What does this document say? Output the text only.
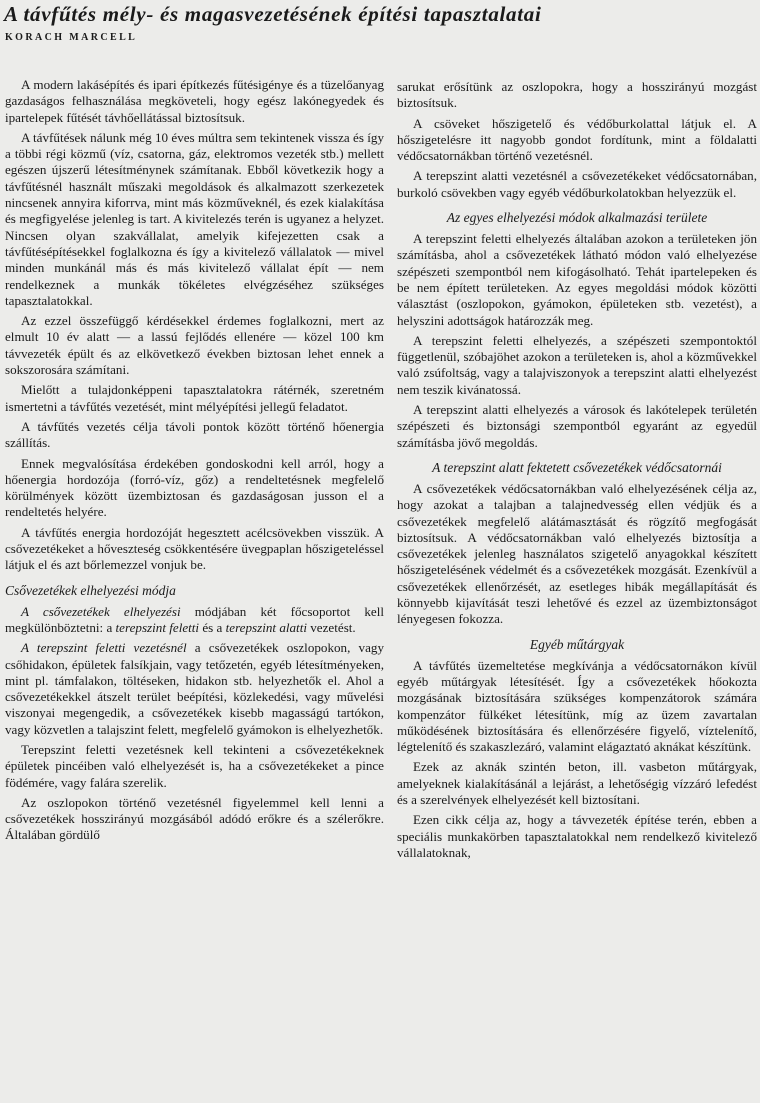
A távfűtés mély- és magasvezetésének építési tapasztalatai
KORACH MARCELL

A modern lakásépítés és ipari építkezés fűtésigénye és a tüzelőanyag gazdaságos felhasználása megköveteli, hogy egész lakónegyedek és ipartelepek fűtését távhőellátással biztosítsuk.

A távfűtések nálunk még 10 éves múltra sem tekintenek vissza és így a többi régi közmű (víz, csatorna, gáz, elektromos vezeték stb.) mellett egészen újszerű létesítménynek számítanak. Ebből következik hogy a távfűtésnél használt műszaki megoldások és alkalmazott szerkezetek nincsenek annyira kiforrva, mint más közműveknél, és ezek kialakítása és megfigyelése jelenleg is tart. A kivitelezés terén is ugyanez a helyzet. Nincsen olyan szakvállalat, amelyik kifejezetten csak a távfűtésépítésekkel foglalkozna és így a kivitelező vállalatok — mivel minden munkánál más és más kivitelező vállalat épít — nem rendelkeznek a munkák tökéletes elvégzéséhez szükséges tapasztalatokkal.

Az ezzel összefüggő kérdésekkel érdemes foglalkozni, mert az elmult 10 év alatt — a lassú fejlődés ellenére — közel 100 km távvezeték épült és az elkövetkező években biztosan lehet ennek a sokszorosára számítani.

Mielőtt a tulajdonképpeni tapasztalatokra rátérnék, szeretném ismertetni a távfűtés vezetését, mint mélyépítési jellegű feladatot.

A távfűtés vezetés célja távoli pontok között történő hőenergia szállítás.

Ennek megvalósítása érdekében gondoskodni kell arról, hogy a hőenergia hordozója (forró-víz, gőz) a rendeltetésnek megfelelő körülmények között üzembiztosan és gazdaságosan jusson el a rendeltetés helyére.

A távfűtés energia hordozóját hegesztett acélcsövekben visszük. A csővezetékeket a hőveszteség csökkentésére üvegpaplan hőszigeteléssel látjuk el és azt bőrlemezzel vonjuk be.

Csővezetékek elhelyezési módja

A csővezetékek elhelyezési módjában két főcsoportot kell megkülönböztetni: a terepszint feletti és a terepszint alatti vezetést.

A terepszint feletti vezetésnél a csővezetékek oszlopokon, vagy csőhidakon, épületek falsíkjain, vagy tetőzetén, egyéb létesítményeken, mint pl. támfalakon, töltéseken, hidakon stb. helyezhetők el. Ahol a csővezetékekkel átszelt terület beépítési, közlekedési, vagy művelési viszonyai megengedik, a csővezetékek kisebb magasságú tartókon, vagy közvetlen a talajszint felett, megfelelő gyámokon is elhelyezhetők.

Terepszint feletti vezetésnek kell tekinteni a csővezetékeknek épületek pincéiben való elhelyezését is, ha a csővezetékeket a pince födémére, vagy falára szerelik.

Az oszlopokon történő vezetésnél figyelemmel kell lenni a csővezetékek hosszirányú mozgásából adódó erőkre és a szélerőkre. Általában gördülő

sarukat erősítünk az oszlopokra, hogy a hosszirányú mozgást biztosítsuk.

A csöveket hőszigetelő és védőburkolattal látjuk el. A hőszigetelésre itt nagyobb gondot fordítunk, mint a földalatti védőcsatornákban történő vezetésnél.

A terepszint alatti vezetésnél a csővezetékeket védőcsatornában, burkoló csövekben vagy egyéb védőburkolatokban helyezzük el.

Az egyes elhelyezési módok alkalmazási területe

A terepszint feletti elhelyezés általában azokon a területeken jön számításba, ahol a csővezetékek látható módon való elhelyezése szépészeti szempontból nem kifogásolható. Tehát ipartelepeken és be nem épített területeken. Az egyes megoldási módok közötti választást (oszlopokon, gyámokon, épületeken stb. vezetést), a helyszini adottságok határozzák meg.

A terepszint feletti elhelyezés, a szépészeti szempontoktól függetlenül, szóbajöhet azokon a területeken is, ahol a közművekkel való zsúfoltság, vagy a talajviszonyok a terepszint alatti elhelyezést nem teszik kivánatossá.

A terepszint alatti elhelyezés a városok és lakótelepek területén szépészeti és biztonsági szempontból egyaránt az egyedül számításba jövő megoldás.

A terepszint alatt fektetett csővezetékek védőcsatornái

A csővezetékek védőcsatornákban való elhelyezésének célja az, hogy azokat a talajban a talajnedvesség ellen védjük és a csővezetékek megfelelő alátámasztását és rögzítő megfogását biztosítsuk. A védőcsatornákban való elhelyezés biztosítja a csővezetékek jelenleg használatos szigetelő anyagokkal készített hőszigetelésének védelmét és a csővezetékek mozgását. Ezenkívül a csővezetékek ellenőrzését, az esetleges hibák megállapítását és könnyebb kijavítását teszi lehetővé és ezzel az üzembiztonságot lényegesen fokozza.

Egyéb műtárgyak

A távfűtés üzemeltetése megkívánja a védőcsatornákon kívül egyéb műtárgyak létesítését. Így a csővezetékek hőokozta mozgásának biztosítására szükséges kompenzátorok számára kompenzátor fülkéket létesítünk, míg az üzem zavartalan működésének biztosítására és ellenőrzésére figyelő, víztelenítő, légtelenítő és szakaszlezáró, valamint elágaztató aknákat készítünk.

Ezek az aknák szintén beton, ill. vasbeton műtárgyak, amelyeknek kialakításánál a lejárást, a lehetőségig vízzáró lefedést és a szerelvények elhelyezését kell biztosítani.

Ezen cikk célja az, hogy a távvezeték építése terén, ebben a speciális munkakörben tapasztalatokkal nem rendelkező kivitelező vállalatoknak,
